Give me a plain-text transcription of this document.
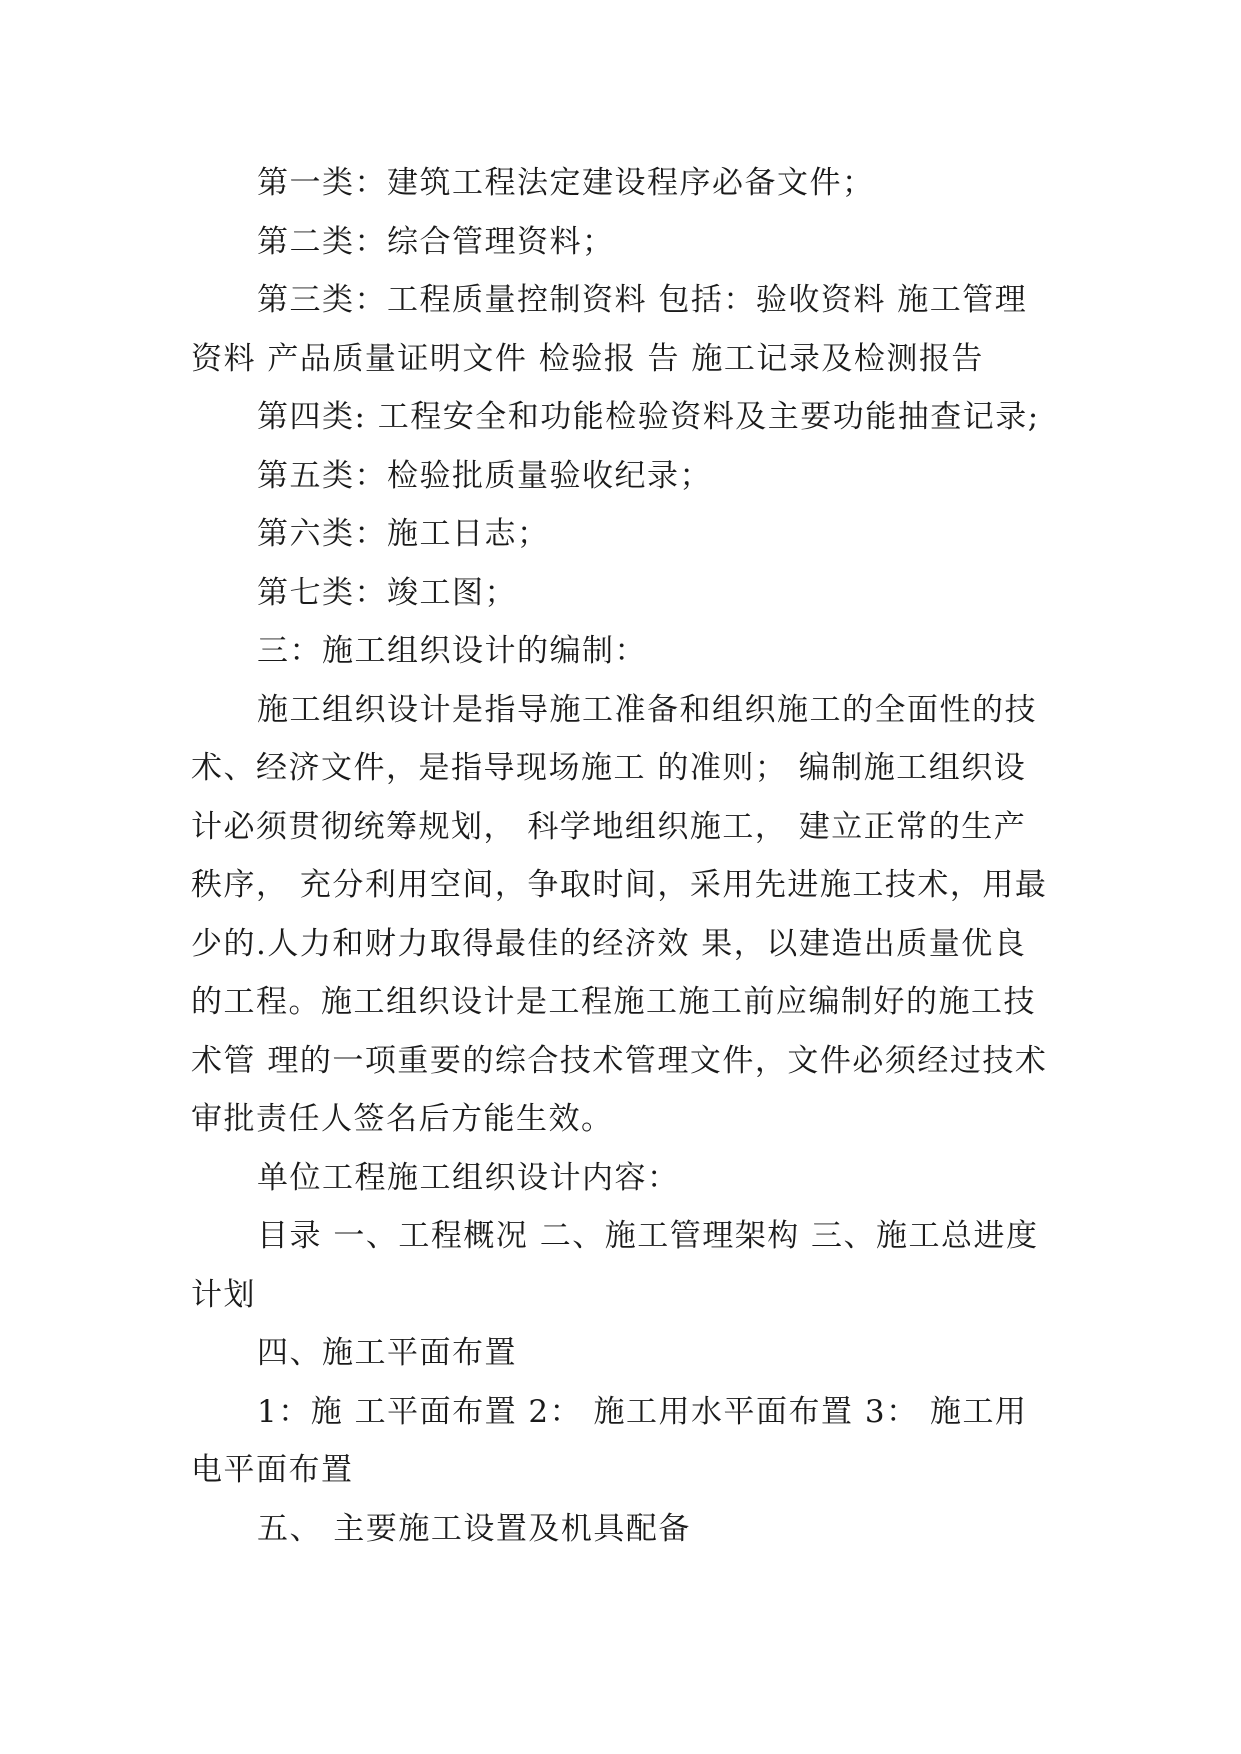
第一类：建筑工程法定建设程序必备文件；

第二类：综合管理资料；

第三类：工程质量控制资料 包括：验收资料 施工管理资料 产品质量证明文件 检验报 告 施工记录及检测报告

第四类: 工程安全和功能检验资料及主要功能抽查记录;

第五类：检验批质量验收纪录；

第六类：施工日志；

第七类：竣工图；

三：施工组织设计的编制：

施工组织设计是指导施工准备和组织施工的全面性的技术、经济文件，是指导现场施工 的准则； 编制施工组织设计必须贯彻统筹规划， 科学地组织施工， 建立正常的生产秩序， 充分利用空间，争取时间，采用先进施工技术，用最少的.人力和财力取得最佳的经济效 果，以建造出质量优良的工程。施工组织设计是工程施工施工前应编制好的施工技术管 理的一项重要的综合技术管理文件，文件必须经过技术审批责任人签名后方能生效。

单位工程施工组织设计内容：

目录 一、工程概况 二、施工管理架构 三、施工总进度计划

四、施工平面布置

1：施 工平面布置 2： 施工用水平面布置 3： 施工用电平面布置

五、 主要施工设置及机具配备
